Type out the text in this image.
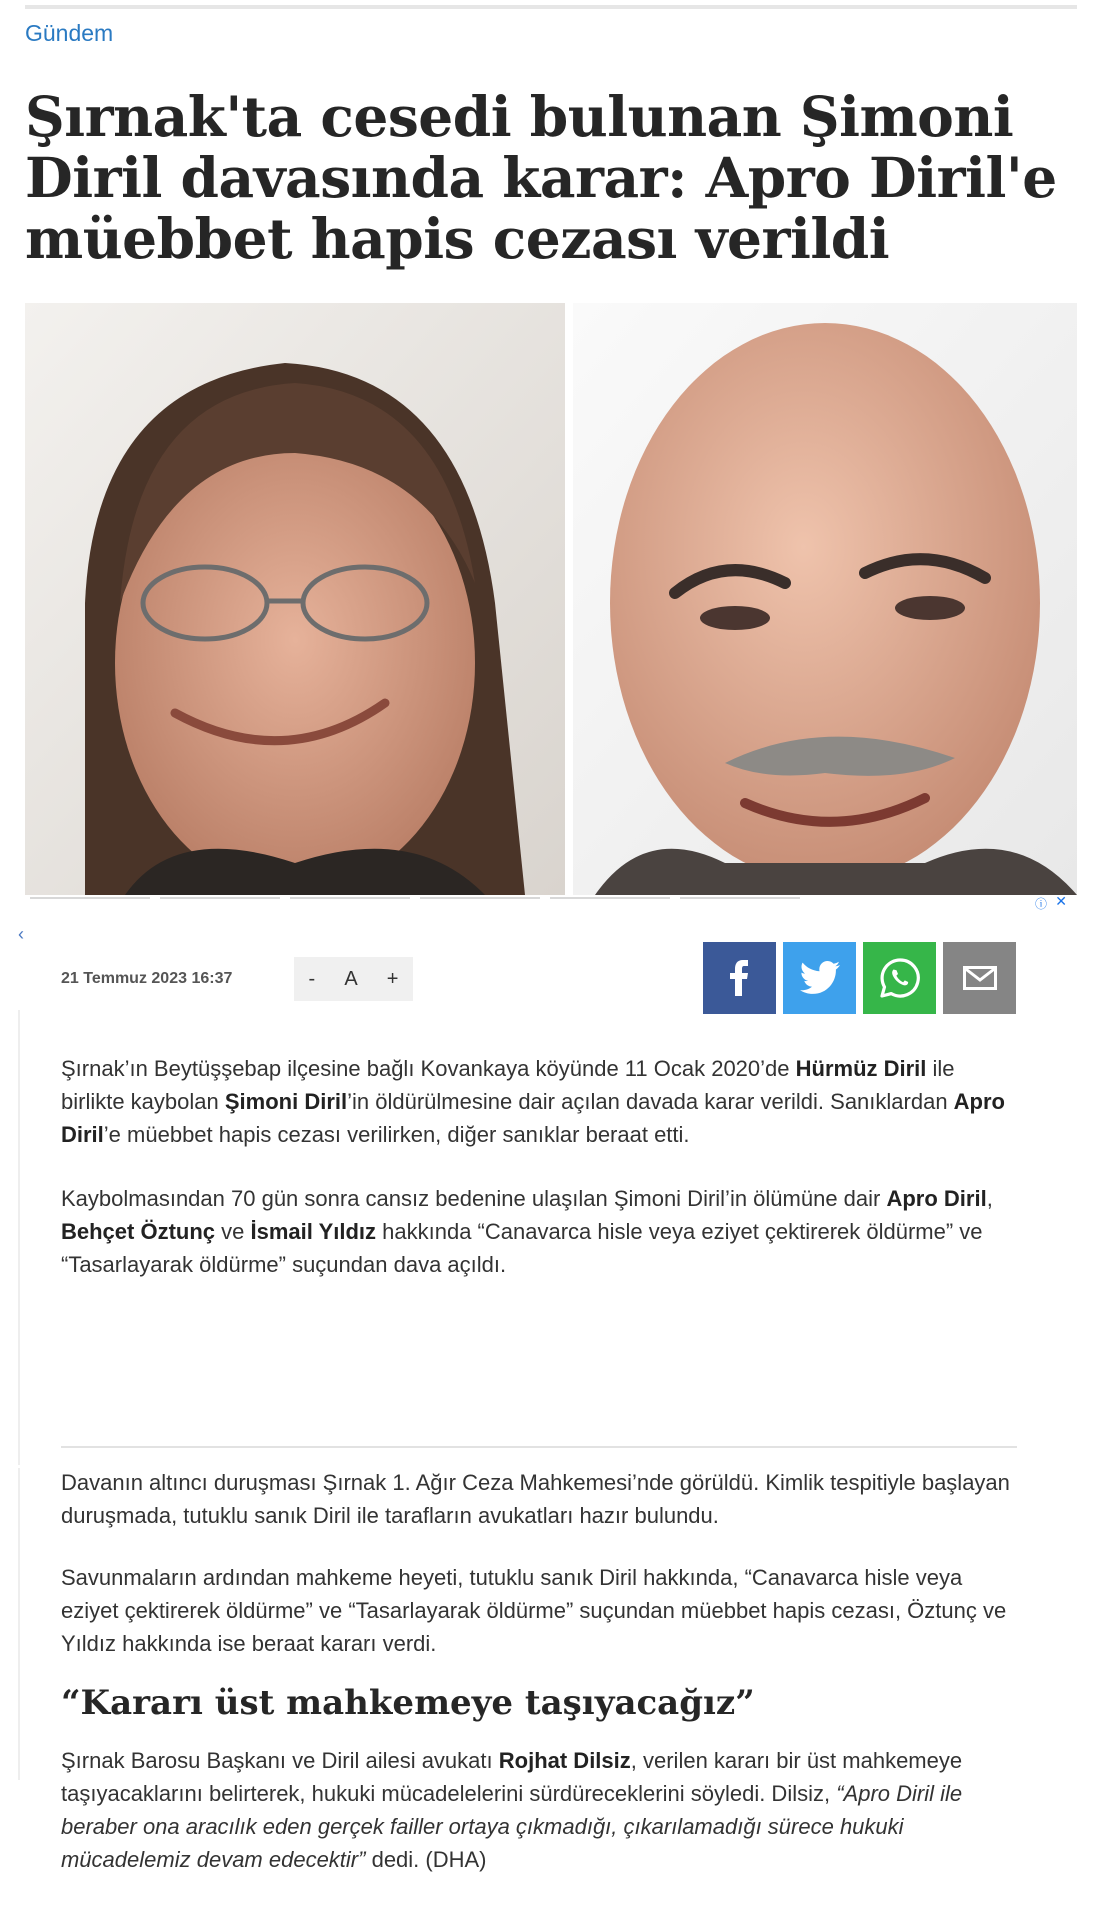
Gündem
Şırnak'ta cesedi bulunan Şimoni Diril davasında karar: Apro Diril'e müebbet hapis cezası verildi
ⓘ ✕
‹
21 Temmuz 2023 16:37	-	A	+

Şırnak’ın Beytüşşebap ilçesine bağlı Kovankaya köyünde 11 Ocak 2020’de Hürmüz Diril ile birlikte kaybolan Şimoni Diril’in öldürülmesine dair açılan davada karar verildi. Sanıklardan Apro Diril’e müebbet hapis cezası verilirken, diğer sanıklar beraat etti.

Kaybolmasından 70 gün sonra cansız bedenine ulaşılan Şimoni Diril’in ölümüne dair Apro Diril, Behçet Öztunç ve İsmail Yıldız hakkında “Canavarca hisle veya eziyet çektirerek öldürme” ve “Tasarlayarak öldürme” suçundan dava açıldı.

Davanın altıncı duruşması Şırnak 1. Ağır Ceza Mahkemesi’nde görüldü. Kimlik tespitiyle başlayan duruşmada, tutuklu sanık Diril ile tarafların avukatları hazır bulundu.

Savunmaların ardından mahkeme heyeti, tutuklu sanık Diril hakkında, “Canavarca hisle veya eziyet çektirerek öldürme” ve “Tasarlayarak öldürme” suçundan müebbet hapis cezası, Öztunç ve Yıldız hakkında ise beraat kararı verdi.

“Kararı üst mahkemeye taşıyacağız”

Şırnak Barosu Başkanı ve Diril ailesi avukatı Rojhat Dilsiz, verilen kararı bir üst mahkemeye taşıyacaklarını belirterek, hukuki mücadelelerini sürdüreceklerini söyledi. Dilsiz, “Apro Diril ile beraber ona aracılık eden gerçek failler ortaya çıkmadığı, çıkarılamadığı sürece hukuki mücadelemiz devam edecektir” dedi. (DHA)
